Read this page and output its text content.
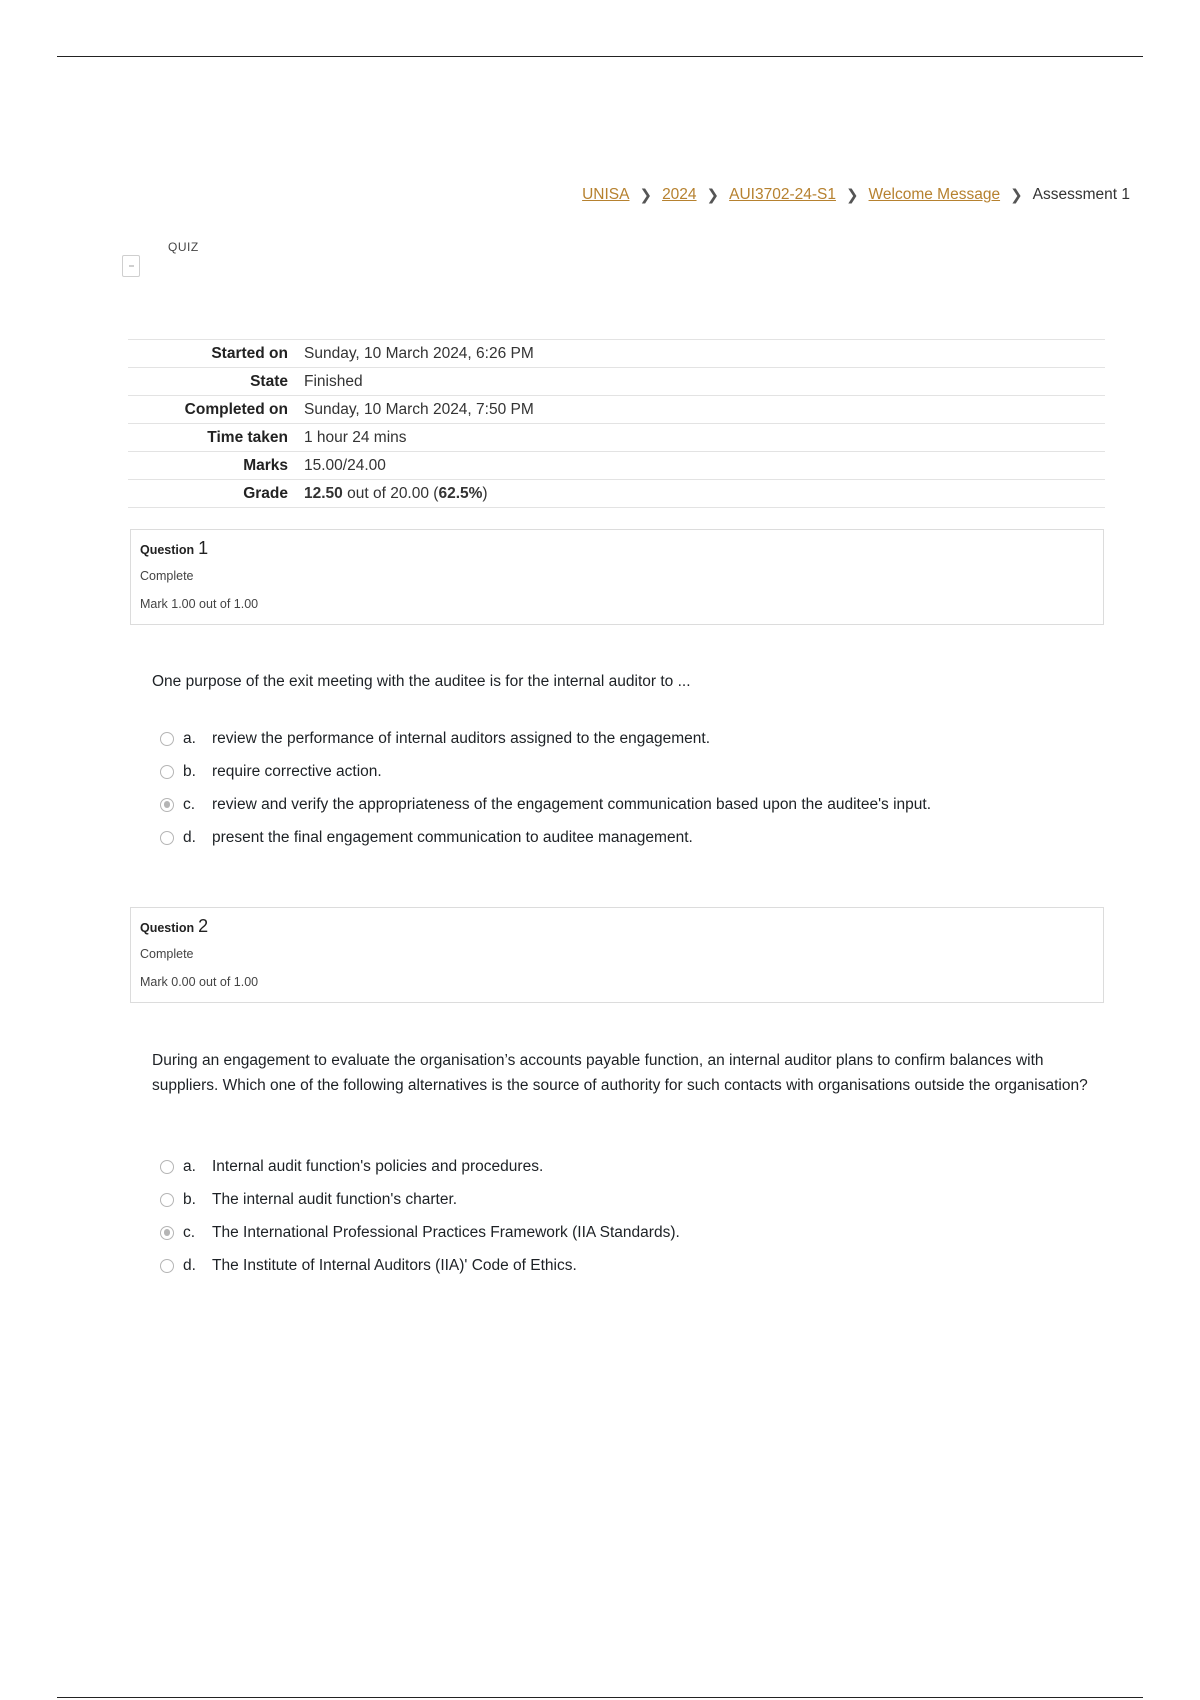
UNISA ❯ 2024 ❯ AUI3702-24-S1 ❯ Welcome Message ❯ Assessment 1
QUIZ
Started on	Sunday, 10 March 2024, 6:26 PM
State	Finished
Completed on	Sunday, 10 March 2024, 7:50 PM
Time taken	1 hour 24 mins
Marks	15.00/24.00
Grade	12.50 out of 20.00 (62.5%)
Question 1
Complete
Mark 1.00 out of 1.00
One purpose of the exit meeting with the auditee is for the internal auditor to ...
a.	review the performance of internal auditors assigned to the engagement.
b.	require corrective action.
c.	review and verify the appropriateness of the engagement communication based upon the auditee's input.
d.	present the final engagement communication to auditee management.
Question 2
Complete
Mark 0.00 out of 1.00
During an engagement to evaluate the organisation’s accounts payable function, an internal auditor plans to confirm balances with suppliers. Which one of the following alternatives is the source of authority for such contacts with organisations outside the organisation?
a.	Internal audit function's policies and procedures.
b.	The internal audit function's charter.
c.	The International Professional Practices Framework (IIA Standards).
d.	The Institute of Internal Auditors (IIA)' Code of Ethics.
